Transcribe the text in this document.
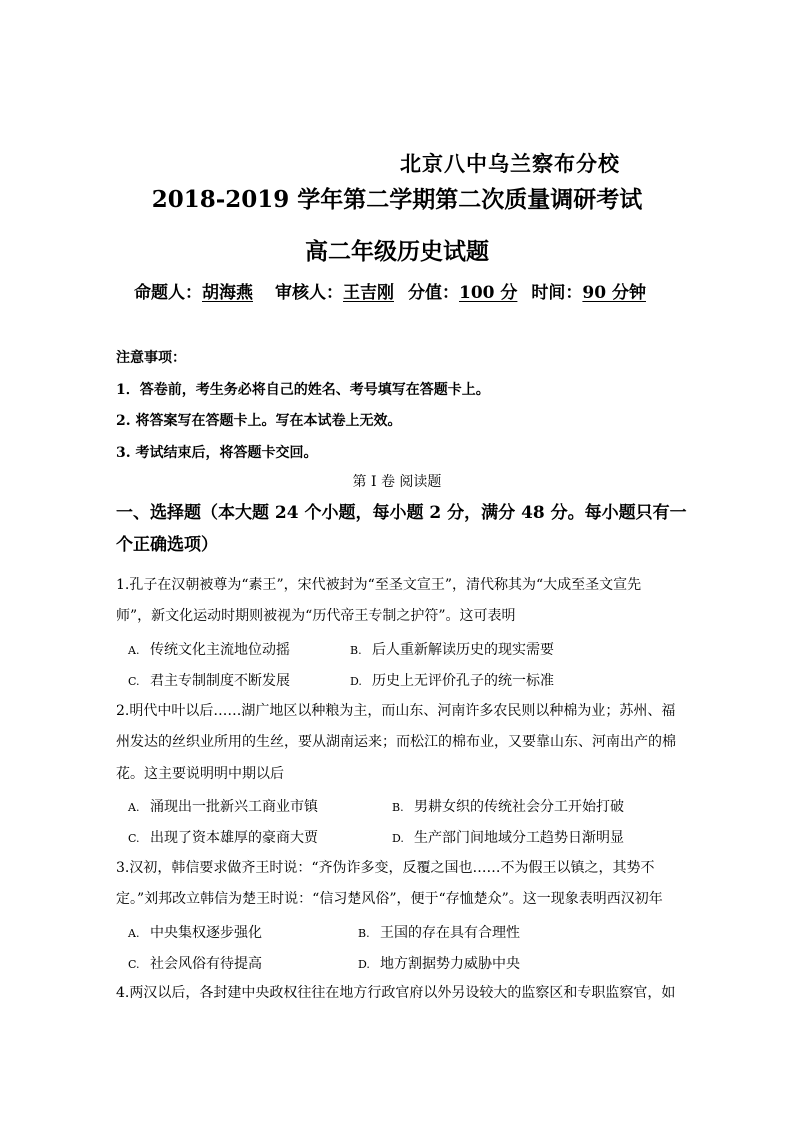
北京八中乌兰察布分校
2018-2019 学年第二学期第二次质量调研考试
高二年级历史试题
命题人：胡海燕 审核人：王吉刚 分值：100 分 时间：90 分钟
注意事项：
1．答卷前，考生务必将自己的姓名、考号填写在答题卡上。
2. 将答案写在答题卡上。写在本试卷上无效。
3. 考试结束后，将答题卡交回。
第 I 卷 阅读题
一、选择题（本大题 24 个小题，每小题 2 分，满分 48 分。每小题只有一个正确选项）
1.孔子在汉朝被尊为“素王”，宋代被封为“至圣文宣王”，清代称其为“大成至圣文宣先
师”，新文化运动时期则被视为“历代帝王专制之护符”。这可表明
A. 传统文化主流地位动摇	B. 后人重新解读历史的现实需要
C. 君主专制制度不断发展	D. 历史上无评价孔子的统一标准
2.明代中叶以后……湖广地区以种粮为主，而山东、河南许多农民则以种棉为业；苏州、福
州发达的丝织业所用的生丝，要从湖南运来；而松江的棉布业，又要靠山东、河南出产的棉
花。这主要说明明中期以后
A. 涌现出一批新兴工商业市镇	B. 男耕女织的传统社会分工开始打破
C. 出现了资本雄厚的豪商大贾	D. 生产部门间地域分工趋势日渐明显
3.汉初，韩信要求做齐王时说：“齐伪诈多变，反覆之国也……不为假王以镇之，其势不
定。”刘邦改立韩信为楚王时说：“信习楚风俗”，便于“存恤楚众”。这一现象表明西汉初年
A. 中央集权逐步强化	B. 王国的存在具有合理性
C. 社会风俗有待提高	D. 地方割据势力威胁中央
4.两汉以后，各封建中央政权往往在地方行政官府以外另设较大的监察区和专职监察官，如
